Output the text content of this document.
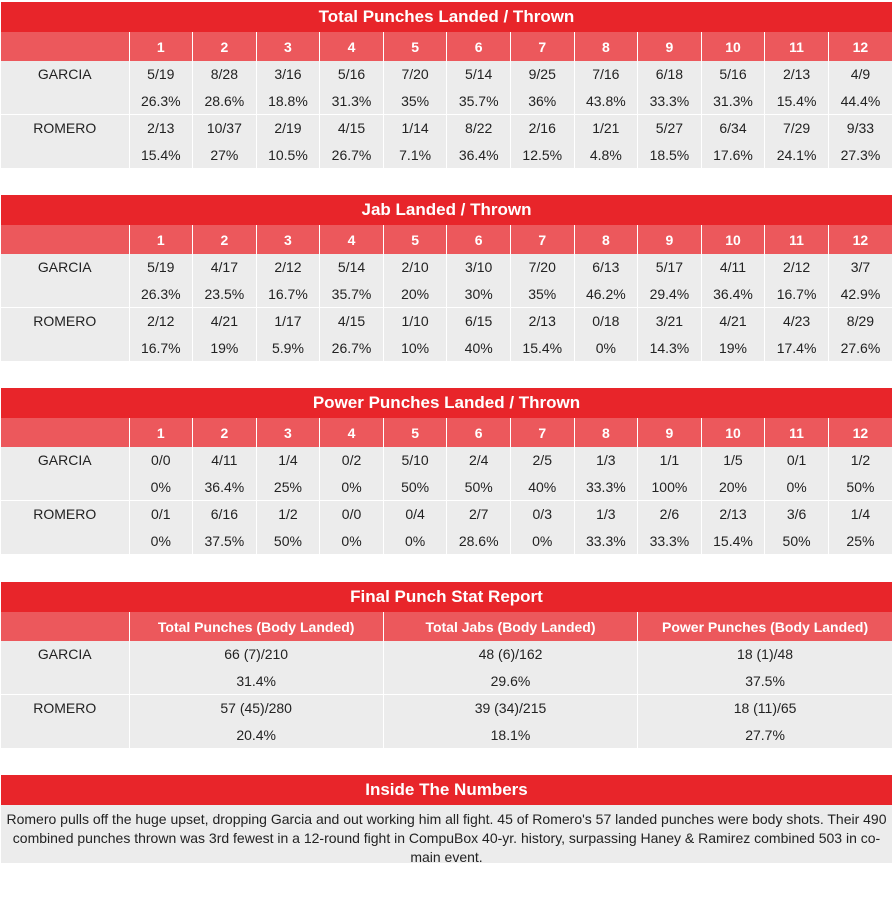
Total Punches Landed / Thrown
	1	2	3	4	5	6	7	8	9	10	11	12
GARCIA	5/19	8/28	3/16	5/16	7/20	5/14	9/25	7/16	6/18	5/16	2/13	4/9
	26.3%	28.6%	18.8%	31.3%	35%	35.7%	36%	43.8%	33.3%	31.3%	15.4%	44.4%
ROMERO	2/13	10/37	2/19	4/15	1/14	8/22	2/16	1/21	5/27	6/34	7/29	9/33
	15.4%	27%	10.5%	26.7%	7.1%	36.4%	12.5%	4.8%	18.5%	17.6%	24.1%	27.3%
Jab Landed / Thrown
	1	2	3	4	5	6	7	8	9	10	11	12
GARCIA	5/19	4/17	2/12	5/14	2/10	3/10	7/20	6/13	5/17	4/11	2/12	3/7
	26.3%	23.5%	16.7%	35.7%	20%	30%	35%	46.2%	29.4%	36.4%	16.7%	42.9%
ROMERO	2/12	4/21	1/17	4/15	1/10	6/15	2/13	0/18	3/21	4/21	4/23	8/29
	16.7%	19%	5.9%	26.7%	10%	40%	15.4%	0%	14.3%	19%	17.4%	27.6%
Power Punches Landed / Thrown
	1	2	3	4	5	6	7	8	9	10	11	12
GARCIA	0/0	4/11	1/4	0/2	5/10	2/4	2/5	1/3	1/1	1/5	0/1	1/2
	0%	36.4%	25%	0%	50%	50%	40%	33.3%	100%	20%	0%	50%
ROMERO	0/1	6/16	1/2	0/0	0/4	2/7	0/3	1/3	2/6	2/13	3/6	1/4
	0%	37.5%	50%	0%	0%	28.6%	0%	33.3%	33.3%	15.4%	50%	25%
Final Punch Stat Report
	Total Punches (Body Landed)	Total Jabs (Body Landed)	Power Punches (Body Landed)
GARCIA	66 (7)/210	48 (6)/162	18 (1)/48
	31.4%	29.6%	37.5%
ROMERO	57 (45)/280	39 (34)/215	18 (11)/65
	20.4%	18.1%	27.7%
Inside The Numbers
Romero pulls off the huge upset, dropping Garcia and out working him all fight. 45 of Romero's 57 landed punches were body shots. Their 490 combined punches thrown was 3rd fewest in a 12-round fight in CompuBox 40-yr. history, surpassing Haney & Ramirez combined 503 in co-main event.
